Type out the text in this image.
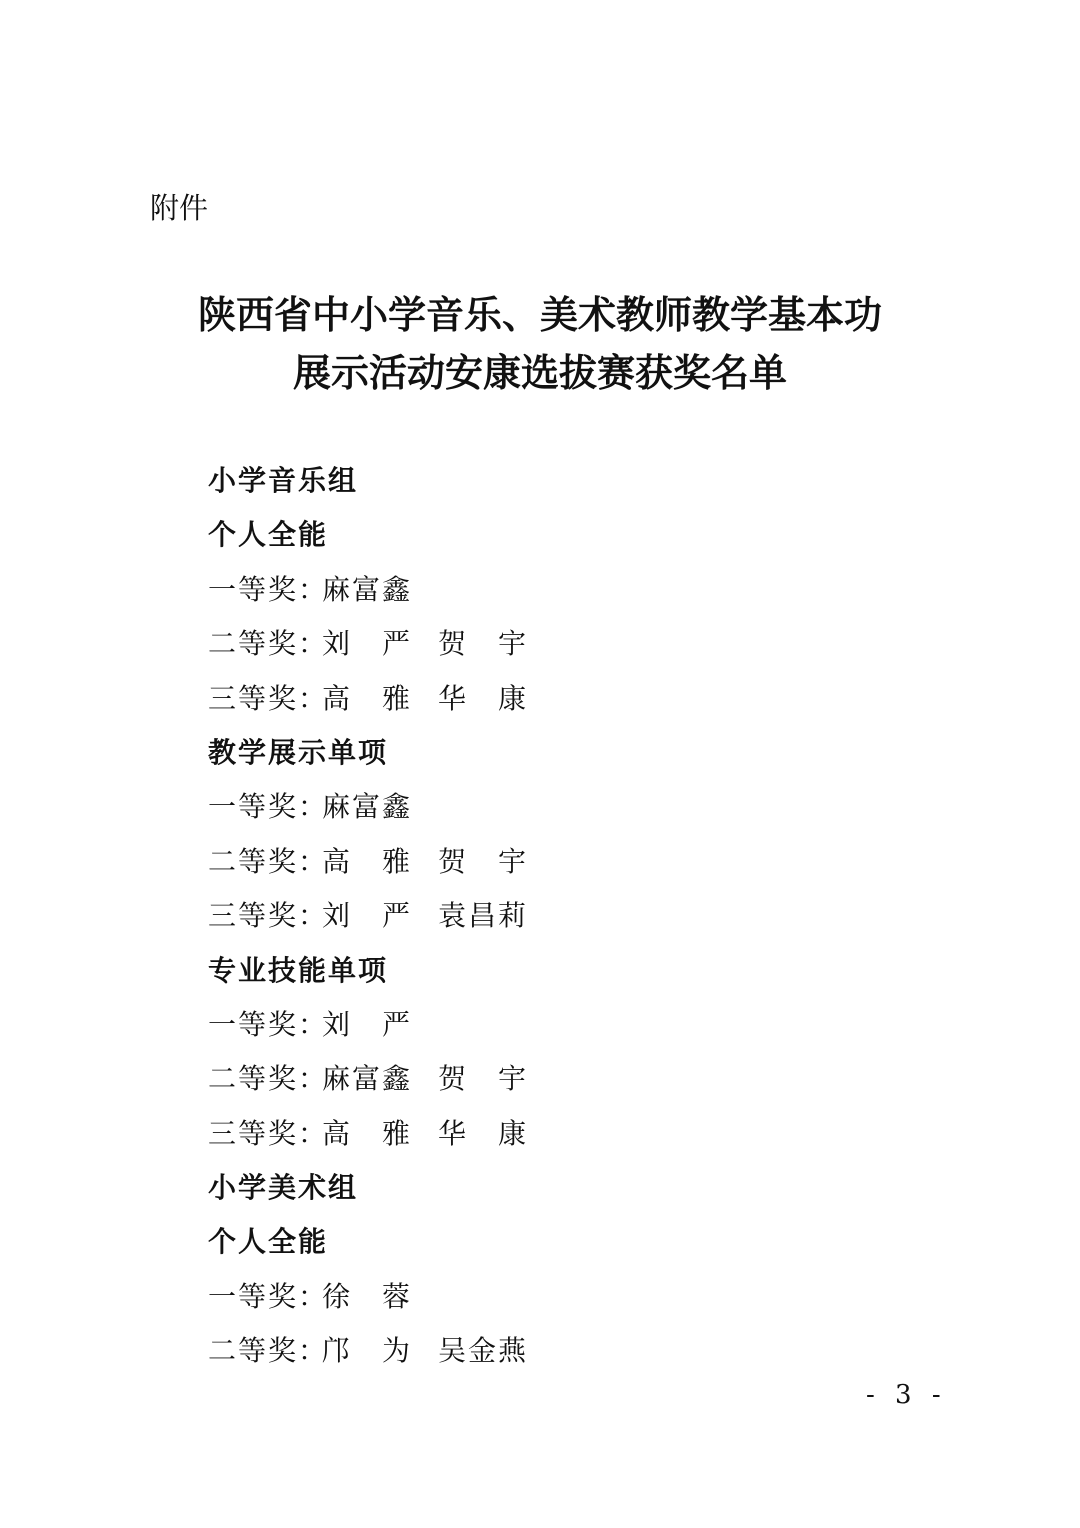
附件
陕西省中小学音乐、美术教师教学基本功
展示活动安康选拔赛获奖名单
小学音乐组
个人全能
一等奖：
麻富鑫
二等奖：
刘　严 贺　宇
三等奖：
高　雅 华　康
教学展示单项
一等奖：
麻富鑫
二等奖：
高　雅 贺　宇
三等奖：
刘　严 袁昌莉
专业技能单项
一等奖：
刘　严
二等奖：
麻富鑫 贺　宇
三等奖：
高　雅 华　康
小学美术组
个人全能
一等奖：
徐　蓉
二等奖：
邝　为 吴金燕
- 3 -
